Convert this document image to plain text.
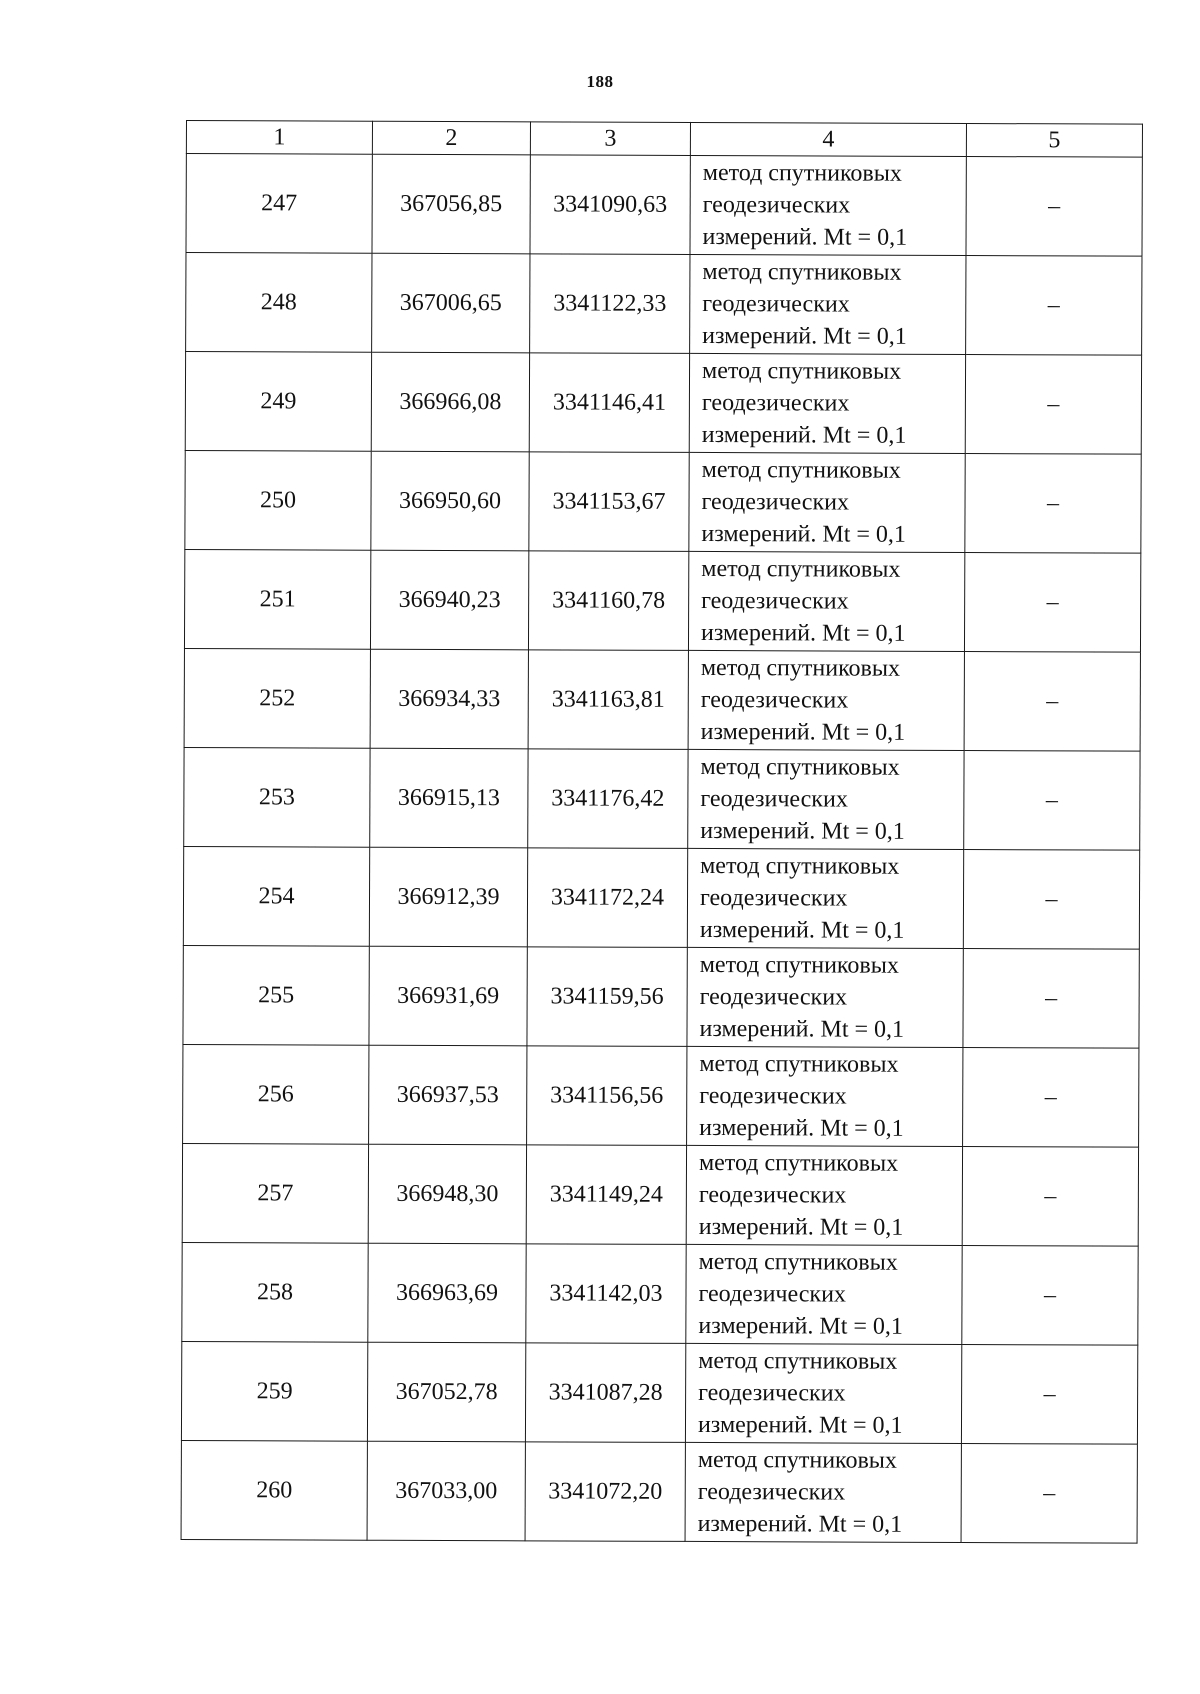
188
1	2	3	4	5
247	367056,85	3341090,63	метод спутниковых
геодезических
измерений. Mt = 0,1	–
248	367006,65	3341122,33	метод спутниковых
геодезических
измерений. Mt = 0,1	–
249	366966,08	3341146,41	метод спутниковых
геодезических
измерений. Mt = 0,1	–
250	366950,60	3341153,67	метод спутниковых
геодезических
измерений. Mt = 0,1	–
251	366940,23	3341160,78	метод спутниковых
геодезических
измерений. Mt = 0,1	–
252	366934,33	3341163,81	метод спутниковых
геодезических
измерений. Mt = 0,1	–
253	366915,13	3341176,42	метод спутниковых
геодезических
измерений. Mt = 0,1	–
254	366912,39	3341172,24	метод спутниковых
геодезических
измерений. Mt = 0,1	–
255	366931,69	3341159,56	метод спутниковых
геодезических
измерений. Mt = 0,1	–
256	366937,53	3341156,56	метод спутниковых
геодезических
измерений. Mt = 0,1	–
257	366948,30	3341149,24	метод спутниковых
геодезических
измерений. Mt = 0,1	–
258	366963,69	3341142,03	метод спутниковых
геодезических
измерений. Mt = 0,1	–
259	367052,78	3341087,28	метод спутниковых
геодезических
измерений. Mt = 0,1	–
260	367033,00	3341072,20	метод спутниковых
геодезических
измерений. Mt = 0,1	–
